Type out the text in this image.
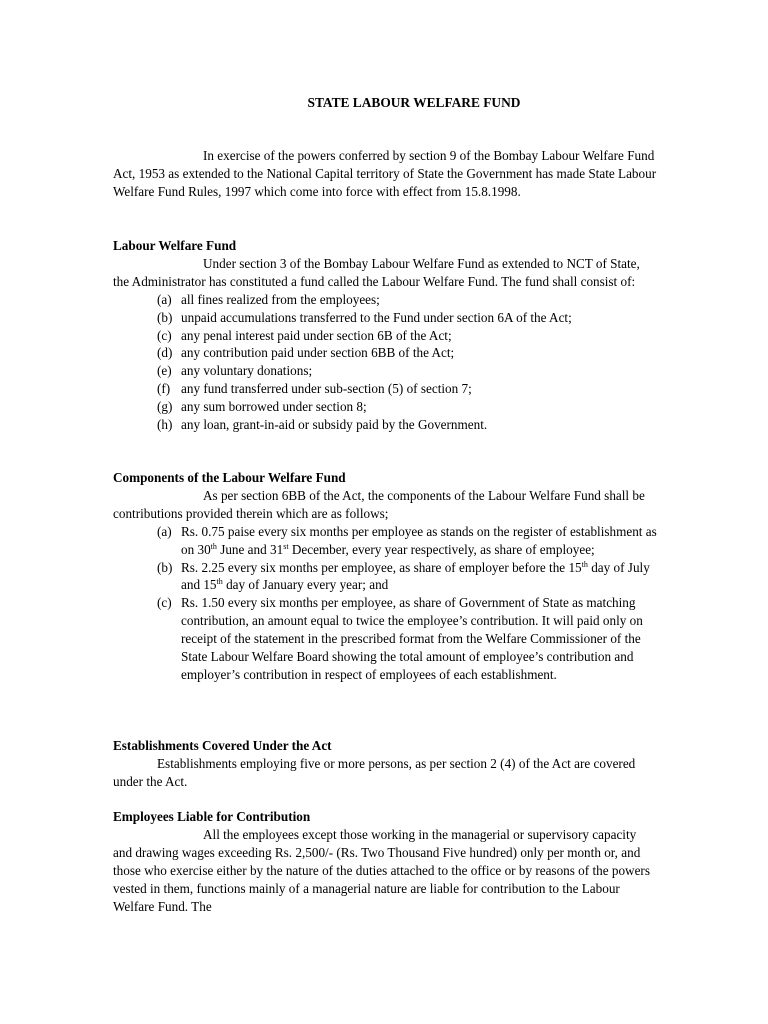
STATE LABOUR WELFARE FUND

In exercise of the powers conferred by section 9 of the Bombay Labour Welfare Fund Act, 1953 as extended to the National Capital territory of State the Government has made State Labour Welfare Fund Rules, 1997 which come into force with effect from 15.8.1998.

Labour Welfare Fund

Under section 3 of the Bombay Labour Welfare Fund as extended to NCT of State, the Administrator has constituted a fund called the Labour Welfare Fund. The fund shall consist of:

(a) all fines realized from the employees;
(b) unpaid accumulations transferred to the Fund under section 6A of the Act;
(c) any penal interest paid under section 6B of the Act;
(d) any contribution paid under section 6BB of the Act;
(e) any voluntary donations;
(f) any fund transferred under sub-section (5) of section 7;
(g) any sum borrowed under section 8;
(h) any loan, grant-in-aid or subsidy paid by the Government.
Components of the Labour Welfare Fund

As per section 6BB of the Act, the components of the Labour Welfare Fund shall be contributions provided therein which are as follows;

(a) Rs. 0.75 paise every six months per employee as stands on the register of establishment as on 30th June and 31st December, every year respectively, as share of employee;
(b) Rs. 2.25 every six months per employee, as share of employer before the 15th day of July and 15th day of January every year; and
(c) Rs. 1.50 every six months per employee, as share of Government of State as matching contribution, an amount equal to twice the employee’s contribution. It will paid only on receipt of the statement in the prescribed format from the Welfare Commissioner of the State Labour Welfare Board showing the total amount of employee’s contribution and employer’s contribution in respect of employees of each establishment.
Establishments Covered Under the Act

Establishments employing five or more persons, as per section 2 (4) of the Act are covered under the Act.

Employees Liable for Contribution

All the employees except those working in the managerial or supervisory capacity and drawing wages exceeding Rs. 2,500/- (Rs. Two Thousand Five hundred) only per month or, and those who exercise either by the nature of the duties attached to the office or by reasons of the powers vested in them, functions mainly of a managerial nature are liable for contribution to the Labour Welfare Fund. The
